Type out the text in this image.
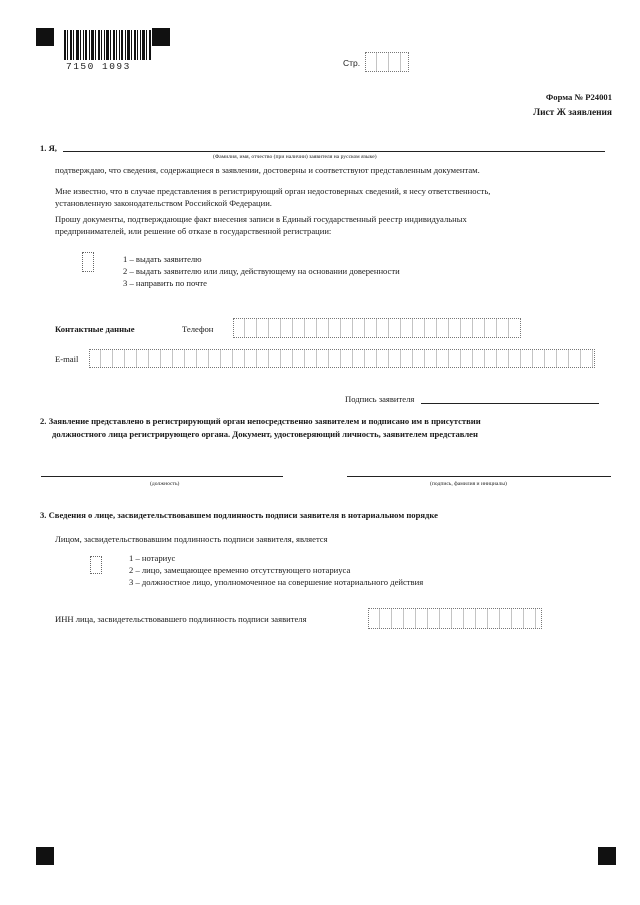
7150 1093	Стр.
Форма № Р24001
Лист Ж заявления
1. Я,
(Фамилия, имя, отчество (при наличии) заявителя на русском языке)
подтверждаю, что сведения, содержащиеся в заявлении, достоверны и соответствуют представленным документам.
Мне известно, что в случае представления в регистрирующий орган недостоверных сведений, я несу ответственность,
установленную законодательством Российской Федерации.
Прошу документы, подтверждающие факт внесения записи в Единый государственный реестр индивидуальных
предпринимателей, или решение об отказе в государственной регистрации:
1 – выдать заявителю
2 – выдать заявителю или лицу, действующему на основании доверенности
3 – направить по почте
Контактные данные	Телефон
E-mail
Подпись заявителя
2. Заявление представлено в регистрирующий орган непосредственно заявителем и подписано им в присутствии
должностного лица регистрирующего органа. Документ, удостоверяющий личность, заявителем представлен
(должность)	(подпись, фамилия и инициалы)
3. Сведения о лице, засвидетельствовавшем подлинность подписи заявителя в нотариальном порядке
Лицом, засвидетельствовавшим подлинность подписи заявителя, является
1 – нотариус
2 – лицо, замещающее временно отсутствующего нотариуса
3 – должностное лицо, уполномоченное на совершение нотариального действия
ИНН лица, засвидетельствовавшего подлинность подписи заявителя
